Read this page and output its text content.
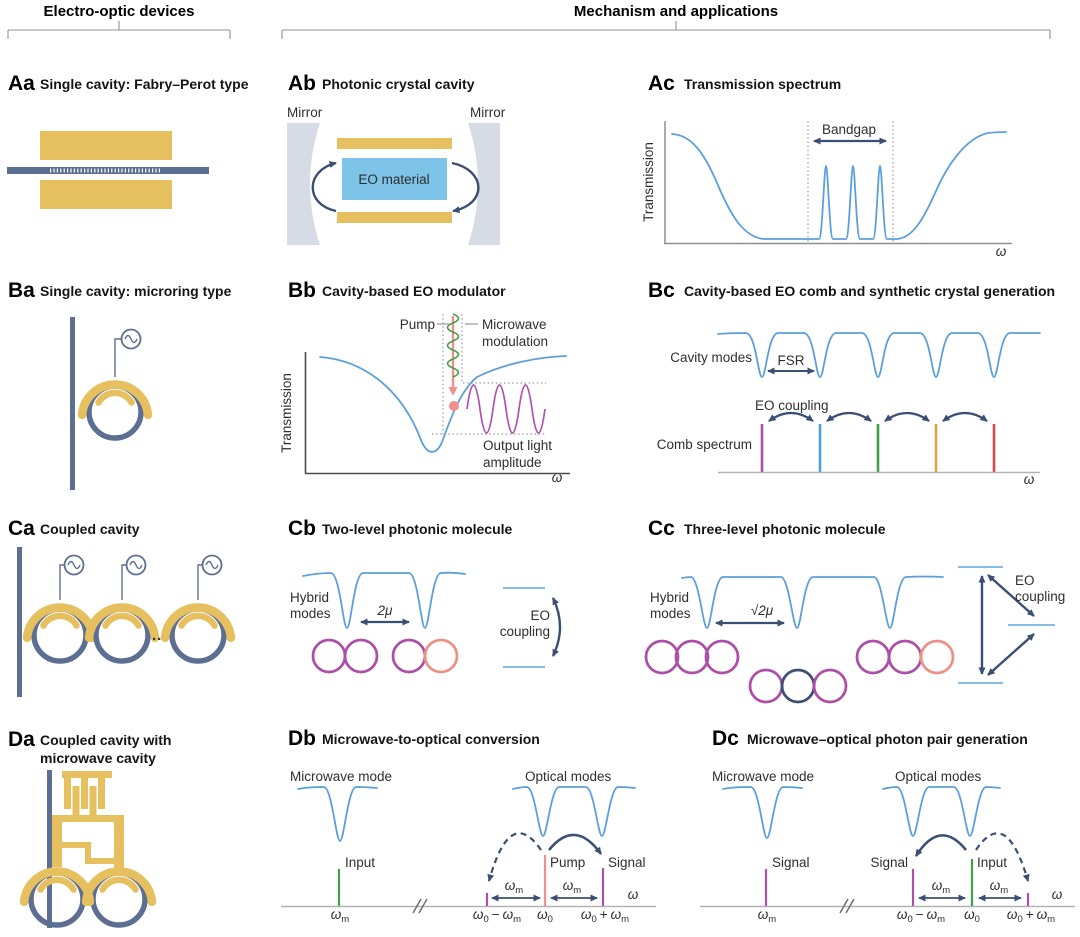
Electro-optic devices	Mechanism and applications
Aa Single cavity: Fabry–Perot type Ab Photonic crystal cavity
Mirror	Mirror
EO material
Ac Transmission spectrum
Transmission
Bandgap
ω
Ba Single cavity: microring type	Bb Cavity-based EO modulator
Transmission
Pump	Microwave
modulation
Output light
amplitude
ω
Bc Cavity-based EO comb and synthetic crystal generation
Cavity modes FSR
EO coupling
Comb spectrum
ω
Ca Coupled cavity
...
Cb Two-level photonic molecule
Hybrid
modes	2μ	EO
coupling
Cc Three-level photonic molecule
Hybrid
modes	√2μ
EO
coupling
Da Coupled cavity with
microwave cavity
Db Microwave-to-optical conversion
Microwave mode
Input
Optical modes
Pump Signal
$\omega_m$	$\omega_m$	ω
$\omega_m$	$\omega_0 - \omega_m$ $\omega_0$ $\omega_0 + \omega_m$
Dc Microwave–optical photon pair generation
Microwave mode
Signal
Optical modes
Signal	Input
$\omega_m$	$\omega_m$	ω
$\omega_m$	$\omega_0 - \omega_m$ $\omega_0$ $\omega_0 + \omega_m$
